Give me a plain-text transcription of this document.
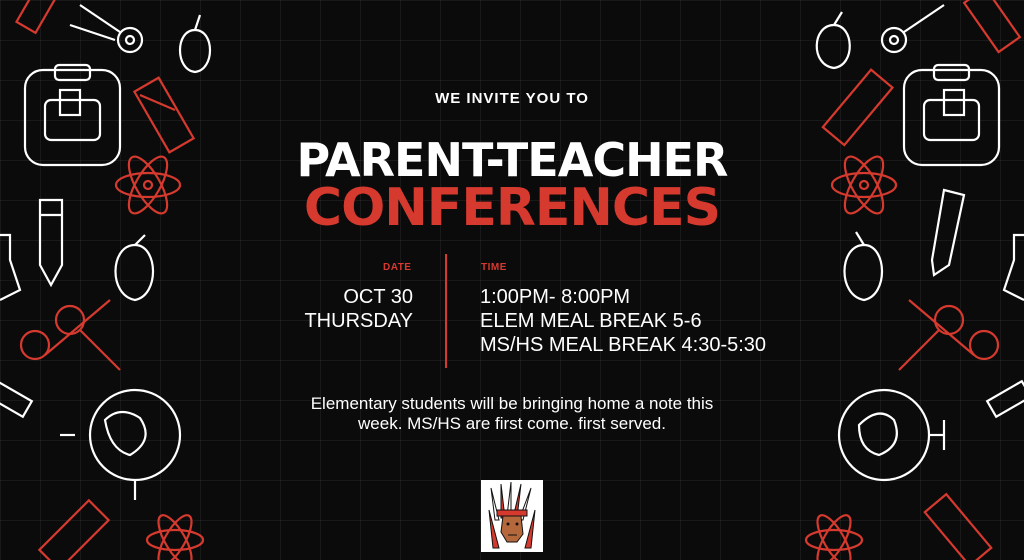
WE INVITE YOU TO
PARENT-TEACHER
CONFERENCES
DATE	TIME
OCT 30
THURSDAY
1:00PM- 8:00PM
ELEM MEAL BREAK 5-6
MS/HS MEAL BREAK 4:30-5:30
Elementary students will be bringing home a note this
week. MS/HS are first come. first served.
